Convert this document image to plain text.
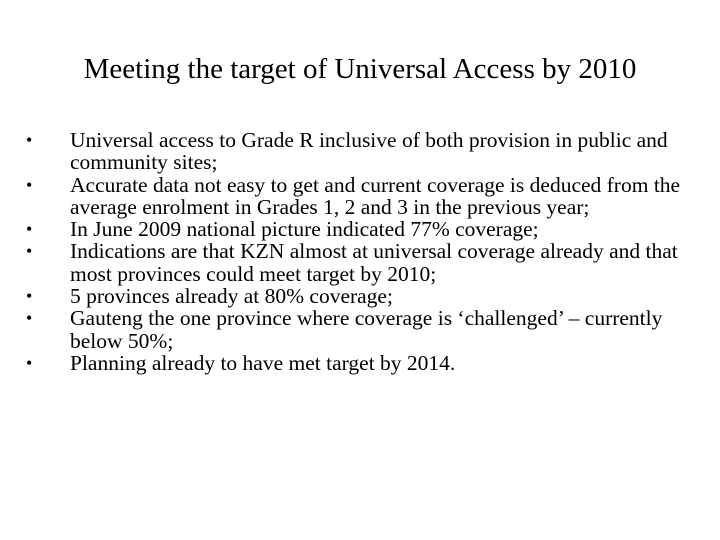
Meeting the target of Universal Access by 2010
•	Universal access to Grade R inclusive of both provision in public and community sites;
•	Accurate data not easy to get and current coverage is deduced from the average enrolment in Grades 1, 2 and 3 in the previous year;
•	In June 2009 national picture indicated 77% coverage;
•	Indications are that KZN almost at universal coverage already and that most provinces could meet target by 2010;
•	5 provinces already at 80% coverage;
•	Gauteng the one province where coverage is ‘challenged’ – currently below 50%;
•	Planning already to have met target by 2014.
